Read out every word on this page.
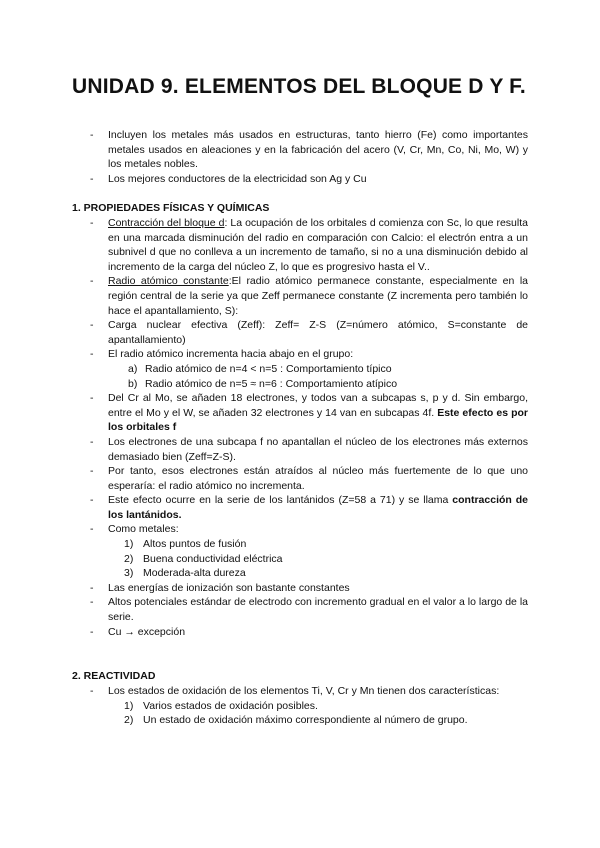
UNIDAD 9. ELEMENTOS DEL BLOQUE D Y F.
- Incluyen los metales más usados en estructuras, tanto hierro (Fe) como importantes metales usados en aleaciones y en la fabricación del acero (V, Cr, Mn, Co, Ni, Mo, W) y los metales nobles.
- Los mejores conductores de la electricidad son Ag y Cu
1. PROPIEDADES FÍSICAS Y QUÍMICAS
- Contracción del bloque d: La ocupación de los orbitales d comienza con Sc, lo que resulta en una marcada disminución del radio en comparación con Calcio: el electrón entra a un subnivel d que no conlleva a un incremento de tamaño, si no a una disminución debido al incremento de la carga del núcleo Z, lo que es progresivo hasta el V..
- Radio atómico constante:El radio atómico permanece constante, especialmente en la región central de la serie ya que Zeff permanece constante (Z incrementa pero también lo hace el apantallamiento, S):
- Carga nuclear efectiva (Zeff): Zeff= Z-S (Z=número atómico, S=constante de apantallamiento)
- El radio atómico incrementa hacia abajo en el grupo:
a) Radio atómico de n=4 < n=5 : Comportamiento típico
b) Radio atómico de n=5 ≈ n=6 : Comportamiento atípico
- Del Cr al Mo, se añaden 18 electrones, y todos van a subcapas s, p y d. Sin embargo, entre el Mo y el W, se añaden 32 electrones y 14 van en subcapas 4f. Este efecto es por los orbitales f
- Los electrones de una subcapa f no apantallan el núcleo de los electrones más externos demasiado bien (Zeff=Z-S).
- Por tanto, esos electrones están atraídos al núcleo más fuertemente de lo que uno esperaría: el radio atómico no incrementa.
- Este efecto ocurre en la serie de los lantánidos (Z=58 a 71) y se llama contracción de los lantánidos.
- Como metales:
1) Altos puntos de fusión
2) Buena conductividad eléctrica
3) Moderada-alta dureza
- Las energías de ionización son bastante constantes
- Altos potenciales estándar de electrodo con incremento gradual en el valor a lo largo de la serie.
- Cu → excepción
2. REACTIVIDAD
- Los estados de oxidación de los elementos Ti, V, Cr y Mn tienen dos características:
1) Varios estados de oxidación posibles.
2) Un estado de oxidación máximo correspondiente al número de grupo.
